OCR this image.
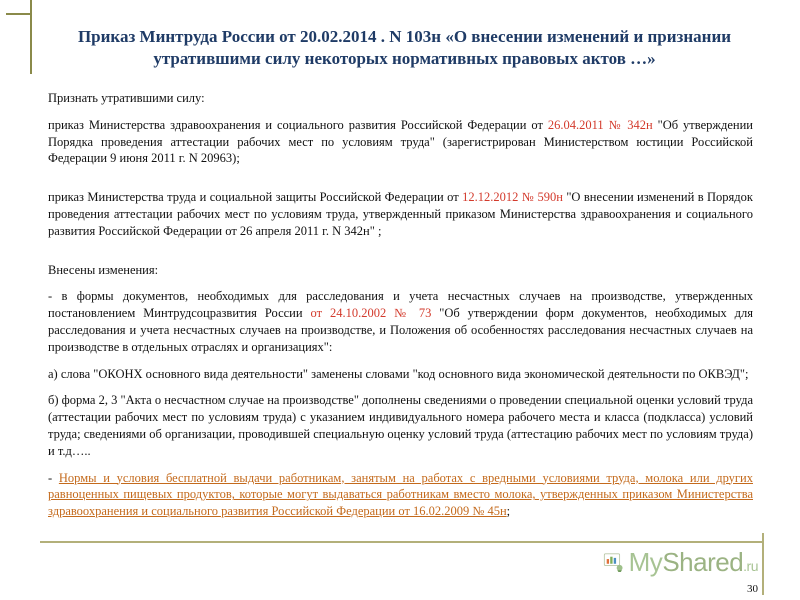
Приказ Минтруда России от 20.02.2014 . N 103н «О внесении изменений и признании утратившими силу некоторых нормативных правовых актов …»

Признать утратившими силу:

приказ Министерства здравоохранения и социального развития Российской Федерации от 26.04.2011 № 342н "Об утверждении Порядка проведения аттестации рабочих мест по условиям труда" (зарегистрирован Министерством юстиции Российской Федерации 9 июня 2011 г. N 20963);

приказ Министерства труда и социальной защиты Российской Федерации от 12.12.2012 № 590н "О внесении изменений в Порядок проведения аттестации рабочих мест по условиям труда, утвержденный приказом Министерства здравоохранения и социального развития Российской Федерации от 26 апреля 2011 г. N 342н" ;

Внесены изменения:

- в формы документов, необходимых для расследования и учета несчастных случаев на производстве, утвержденных постановлением Минтрудсоцразвития России от 24.10.2002 № 73 "Об утверждении форм документов, необходимых для расследования и учета несчастных случаев на производстве, и Положения об особенностях расследования несчастных случаев на производстве в отдельных отраслях и организациях":

а) слова "ОКОНХ основного вида деятельности" заменены словами "код основного вида экономической деятельности по ОКВЭД";

б) форма 2, 3 "Акта о несчастном случае на производстве" дополнены сведениями о проведении специальной оценки условий труда (аттестации рабочих мест по условиям труда) с указанием индивидуального номера рабочего места и класса (подкласса) условий труда; сведениями об организации, проводившей специальную оценку условий труда (аттестацию рабочих мест по условиям труда) и т.д…..

- Нормы и условия бесплатной выдачи работникам, занятым на работах с вредными условиями труда, молока или других равноценных пищевых продуктов, которые могут выдаваться работникам вместо молока, утвержденных приказом Министерства здравоохранения и социального развития Российской Федерации от 16.02.2009 № 45н;

MyShared.ru
30
